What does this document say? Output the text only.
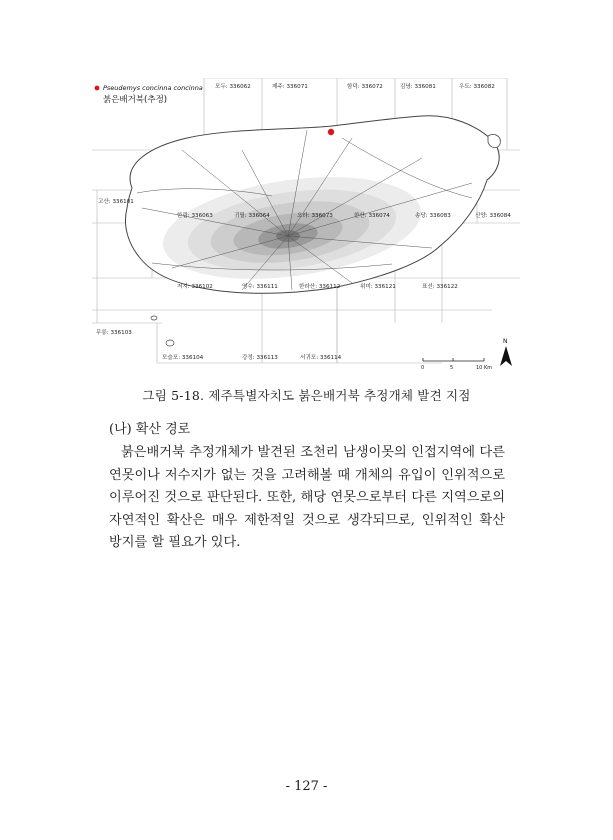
모두: 336062	제주: 336071	함덕: 336072	김녕: 336081	우도: 336082
고산: 336101
한림: 336063	귀릴: 336064	오라: 336073	한산: 336074	송당: 336083	신양: 336084
저지: 336102	영수: 336111	한라산: 336112	위미: 336121	표선: 336122
무릉: 336103
모슬포: 336104	강정: 336113	서귀포: 336114
Pseudemys concinna concinna
붉은배거북(추정)
0	5	10 Km
N
그림 5-18. 제주특별자치도 붉은배거북 추정개체 발견 지점
(나) 확산 경로
붉은배거북 추정개체가 발견된 조천리 남생이못의 인접지역에 다른 연못이나 저수지가 없는 것을 고려해볼 때 개체의 유입이 인위적으로 이루어진 것으로 판단된다. 또한, 해당 연못으로부터 다른 지역으로의 자연적인 확산은 매우 제한적일 것으로 생각되므로, 인위적인 확산 방지를 할 필요가 있다.
- 127 -
